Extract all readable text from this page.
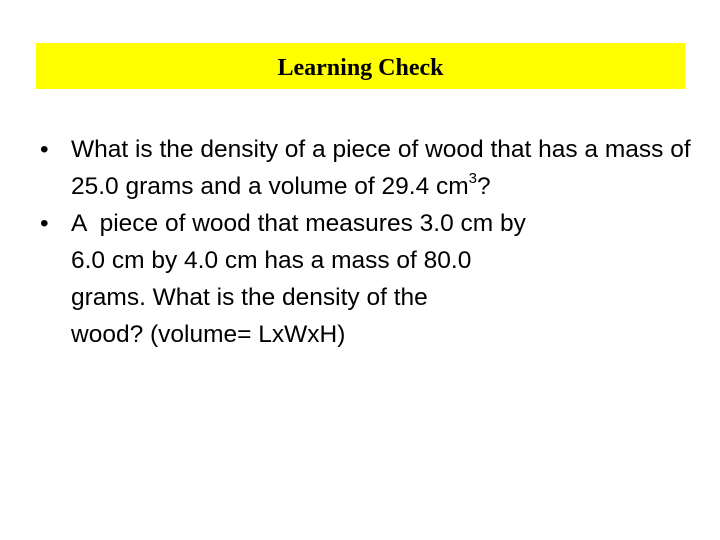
Learning Check
• What is the density of a piece of wood that has a mass of 25.0 grams and a volume of 29.4 $cm^3$?
• A  piece of wood that measures 3.0 cm by
6.0 cm by 4.0 cm has a mass of 80.0
grams. What is the density of the
wood? (volume= LxWxH)
